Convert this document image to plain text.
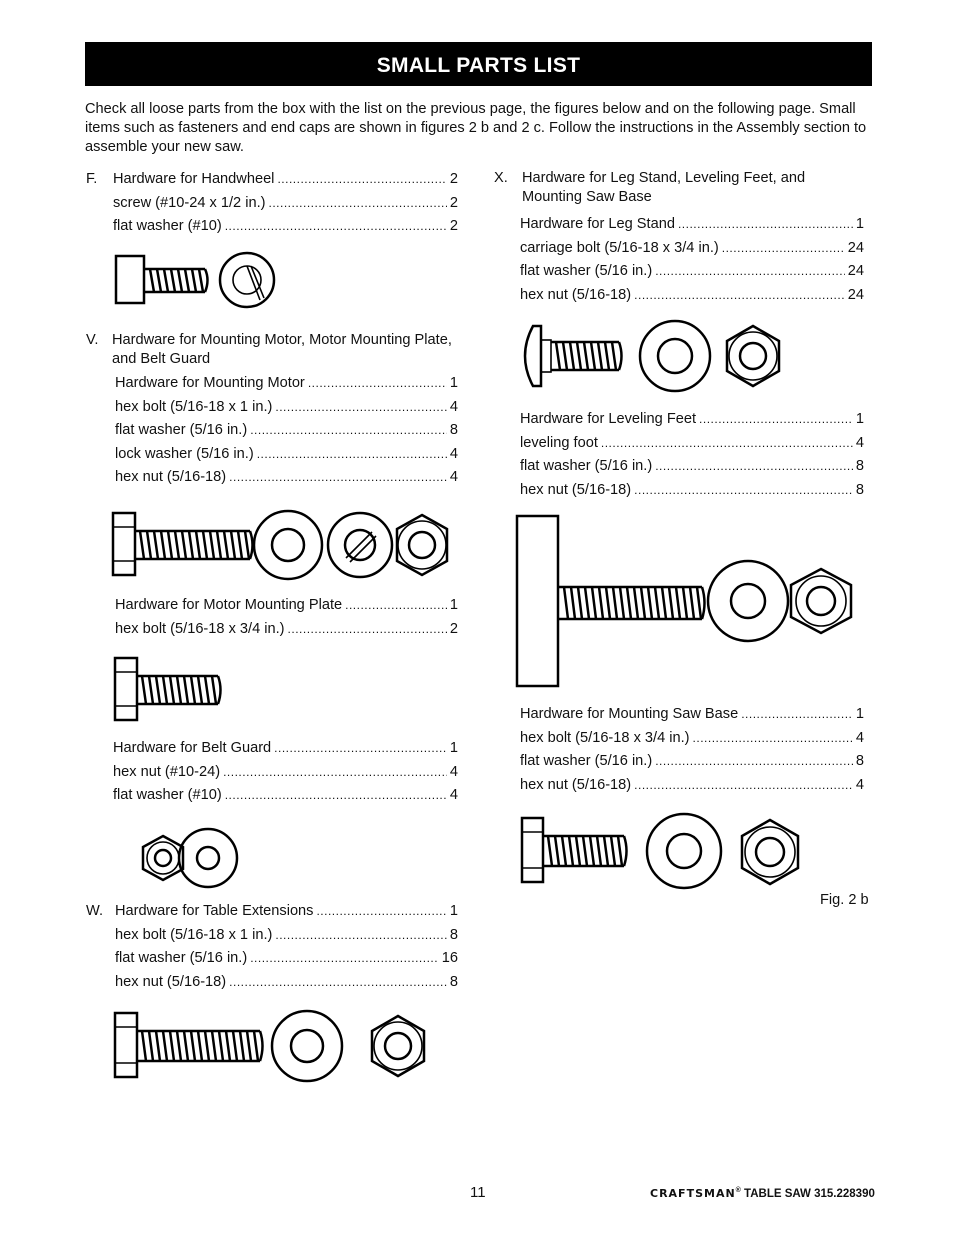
SMALL PARTS LIST

Check all loose parts from the box with the list on the previous page, the figures below and on the following page. Small items such as fasteners and end caps are shown in figures 2 b and 2 c. Follow the instructions in the Assembly section to assemble your new saw.

F.	Hardware for Handwheel .....	2
screw (#10-24 x 1/2 in.) .....	2
flat washer (#10) .....	2
V. Hardware for Mounting Motor, Motor Mounting Plate, and Belt Guard
Hardware for Mounting Motor .....	1
hex bolt (5/16-18 x 1 in.) .....	4
flat washer (5/16 in.) .....	8
lock washer (5/16 in.) .....	4
hex nut (5/16-18) .....	4
Hardware for Motor Mounting Plate .....	1
hex bolt (5/16-18 x 3/4 in.) .....	2
Hardware for Belt Guard .....	1
hex nut (#10-24) .....	4
flat washer (#10) .....	4
W. Hardware for Table Extensions .....	1
hex bolt (5/16-18 x 1 in.) .....	8
flat washer (5/16 in.) .....	16
hex nut (5/16-18) .....	8
X. Hardware for Leg Stand, Leveling Feet, and Mounting Saw Base
Hardware for Leg Stand .....	1
carriage bolt (5/16-18 x 3/4 in.) .....	24
flat washer (5/16 in.) .....	24
hex nut (5/16-18) .....	24
Hardware for Leveling Feet .....	1
leveling foot .....	4
flat washer (5/16 in.) .....	8
hex nut (5/16-18) .....	8
Hardware for Mounting Saw Base .....	1
hex bolt (5/16-18 x 3/4 in.) .....	4
flat washer (5/16 in.) .....	8
hex nut (5/16-18) .....	4
Fig. 2 b
11	CRAFTSMAN® TABLE SAW 315.228390
